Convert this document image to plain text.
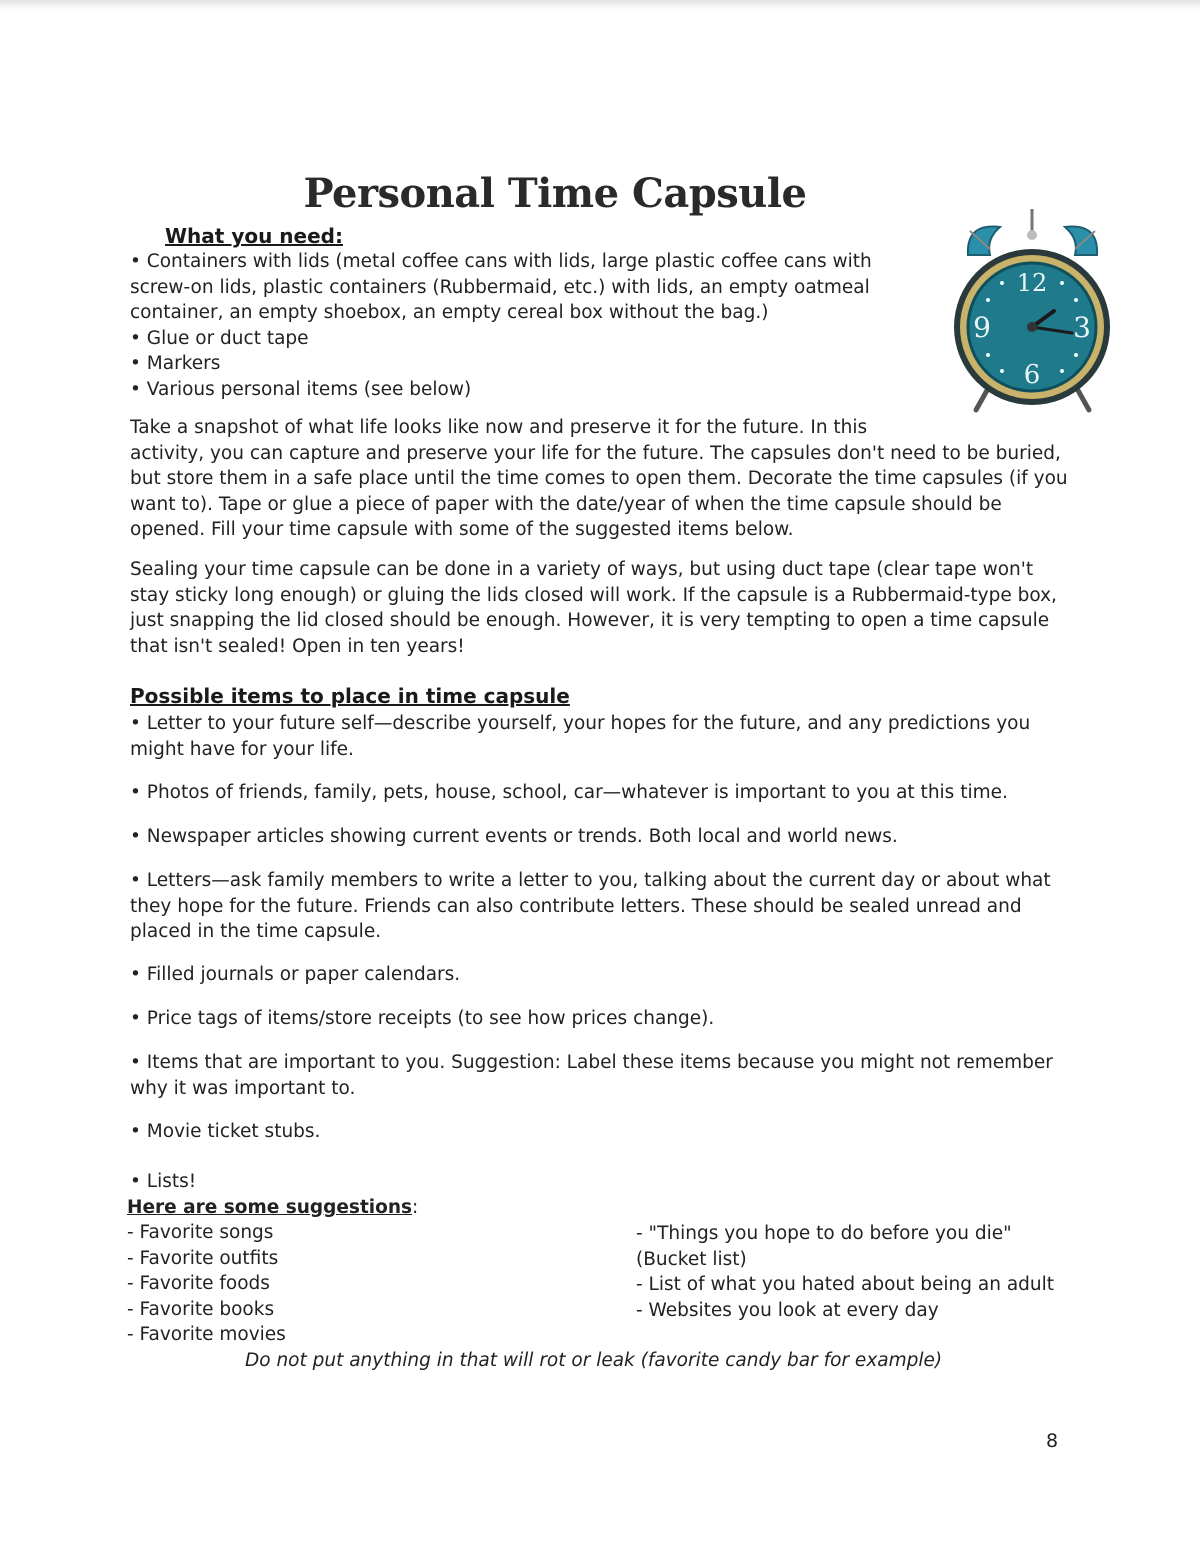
Personal Time Capsule
What you need:
• Containers with lids (metal coffee cans with lids, large plastic coffee cans with
screw-on lids, plastic containers (Rubbermaid, etc.) with lids, an empty oatmeal
container, an empty shoebox, an empty cereal box without the bag.)
• Glue or duct tape
• Markers
• Various personal items (see below)
12
9	3
6
Take a snapshot of what life looks like now and preserve it for the future. In this
activity, you can capture and preserve your life for the future. The capsules don't need to be buried,
but store them in a safe place until the time comes to open them. Decorate the time capsules (if you
want to). Tape or glue a piece of paper with the date/year of when the time capsule should be
opened. Fill your time capsule with some of the suggested items below.
Sealing your time capsule can be done in a variety of ways, but using duct tape (clear tape won't
stay sticky long enough) or gluing the lids closed will work. If the capsule is a Rubbermaid-type box,
just snapping the lid closed should be enough. However, it is very tempting to open a time capsule
that isn't sealed! Open in ten years!
Possible items to place in time capsule
• Letter to your future self—describe yourself, your hopes for the future, and any predictions you
might have for your life.
• Photos of friends, family, pets, house, school, car—whatever is important to you at this time.
• Newspaper articles showing current events or trends. Both local and world news.
• Letters—ask family members to write a letter to you, talking about the current day or about what
they hope for the future. Friends can also contribute letters. These should be sealed unread and
placed in the time capsule.
• Filled journals or paper calendars.
• Price tags of items/store receipts (to see how prices change).
• Items that are important to you. Suggestion: Label these items because you might not remember
why it was important to.
• Movie ticket stubs.
• Lists!
Here are some suggestions:
- Favorite songs
- Favorite outfits
- Favorite foods
- Favorite books
- Favorite movies
- "Things you hope to do before you die"
(Bucket list)
- List of what you hated about being an adult
- Websites you look at every day
Do not put anything in that will rot or leak (favorite candy bar for example)
8
